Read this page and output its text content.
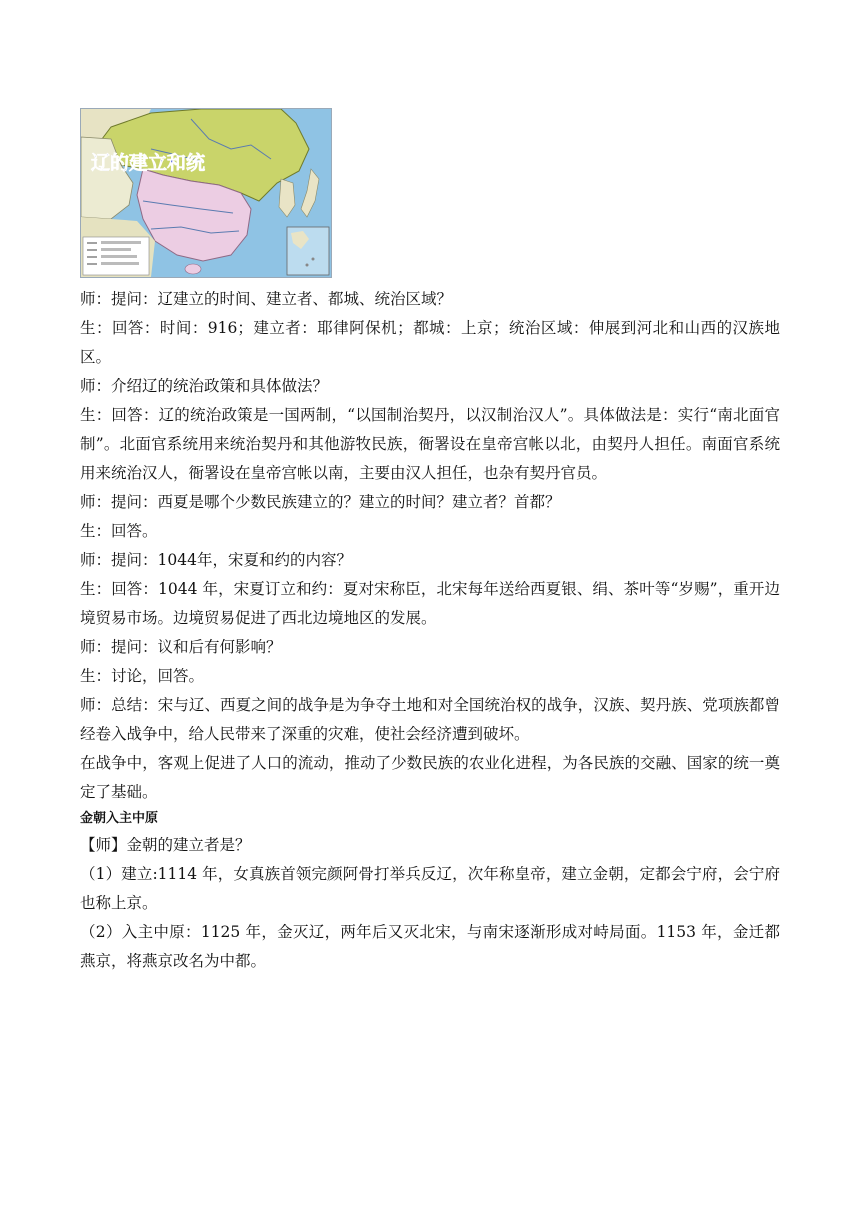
辽的建立和统

师：提问：辽建立的时间、建立者、都城、统治区域？

生：回答：时间：916；建立者：耶律阿保机；都城：上京；统治区域：伸展到河北和山西的汉族地区。

师：介绍辽的统治政策和具体做法？

生：回答：辽的统治政策是一国两制，“以国制治契丹，以汉制治汉人”。具体做法是：实行“南北面官制”。北面官系统用来统治契丹和其他游牧民族，衙署设在皇帝宫帐以北，由契丹人担任。南面官系统用来统治汉人，衙署设在皇帝宫帐以南，主要由汉人担任，也杂有契丹官员。

师：提问：西夏是哪个少数民族建立的？建立的时间？建立者？首都？

生：回答。

师：提问：1044年，宋夏和约的内容？

生：回答：1044 年，宋夏订立和约：夏对宋称臣，北宋每年送给西夏银、绢、茶叶等“岁赐”，重开边境贸易市场。边境贸易促进了西北边境地区的发展。

师：提问：议和后有何影响？

生：讨论，回答。

师：总结：宋与辽、西夏之间的战争是为争夺土地和对全国统治权的战争，汉族、契丹族、党项族都曾经卷入战争中，给人民带来了深重的灾难，使社会经济遭到破坏。

在战争中，客观上促进了人口的流动，推动了少数民族的农业化进程，为各民族的交融、国家的统一奠定了基础。

金朝入主中原

【师】金朝的建立者是？

（1）建立:1114 年，女真族首领完颜阿骨打举兵反辽，次年称皇帝，建立金朝，定都会宁府，会宁府也称上京。

（2）入主中原：1125 年，金灭辽，两年后又灭北宋，与南宋逐渐形成对峙局面。1153 年，金迁都燕京，将燕京改名为中都。
